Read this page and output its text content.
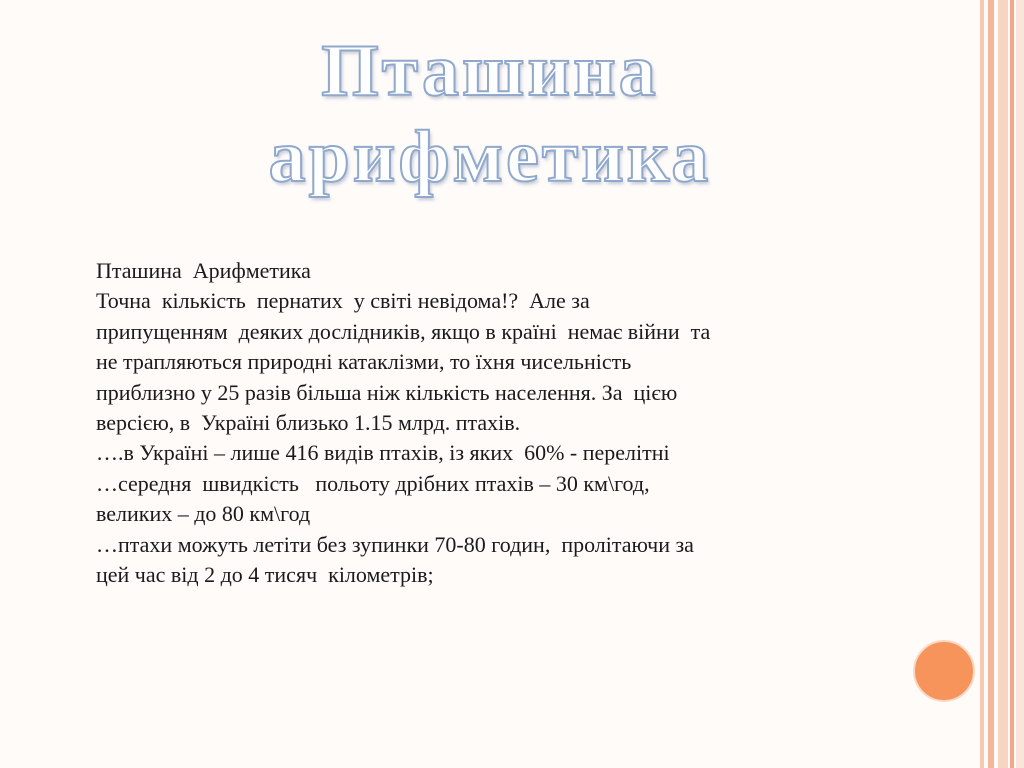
Пташина
арифметика
Пташина  Арифметика
Точна  кількість  пернатих  у світі невідома!?  Але за
припущенням  деяких дослідників, якщо в країні  немає війни  та
не трапляються природні катаклізми, то їхня чисельність
приблизно у 25 разів більша ніж кількість населення. За  цією
версією, в  Україні близько 1.15 млрд. птахів.
….в Україні – лише 416 видів птахів, із яких  60% - перелітні
…середня  швидкість   польоту дрібних птахів – 30 км\год,
великих – до 80 км\год
…птахи можуть летіти без зупинки 70-80 годин,  пролітаючи за
цей час від 2 до 4 тисяч  кілометрів;
